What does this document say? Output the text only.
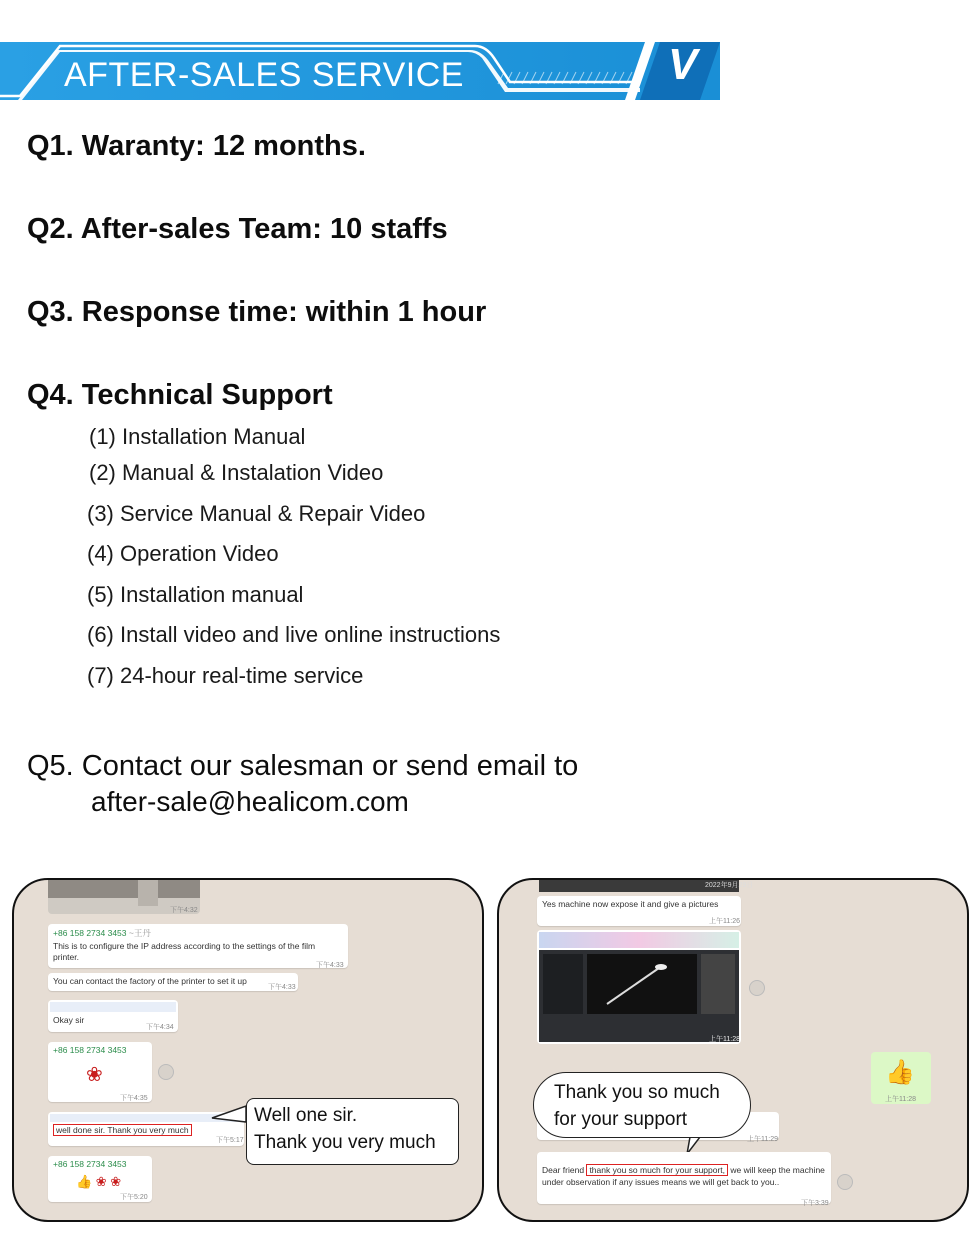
AFTER-SALES SERVICE	V
Q1. Waranty: 12 months.
Q2. After-sales Team: 10 staffs
Q3. Response time: within 1 hour
Q4. Technical Support
(1) Installation Manual
(2) Manual & Instalation Video
(3) Service Manual & Repair Video
(4) Operation Video
(5) Installation manual
(6) Install video and live online instructions
(7) 24-hour real-time service
Q5. Contact our salesman or send email to
after-sale@healicom.com
下午4:32
+86 158 2734 3453 ~王丹
This is to configure the IP address according to the settings of the film printer.
下午4:33
You can contact the factory of the printer to set it up
下午4:33
Okay sir
下午4:34
+86 158 2734 3453
❀
下午4:35
well done sir. Thank you very much
下午5:17
+86 158 2734 3453
👍 ❀ ❀
下午5:20
Well one sir.
Thank you very much
2022年9月29日
Yes machine now expose it and give a pictures
上午11:26
上午11:28
👍
上午11:28
上午11:29
Thank you so much
for your support
Dear friend thank you so much for your support, we will keep the machine under observation if any issues means we will get back to you..
下午3:39
